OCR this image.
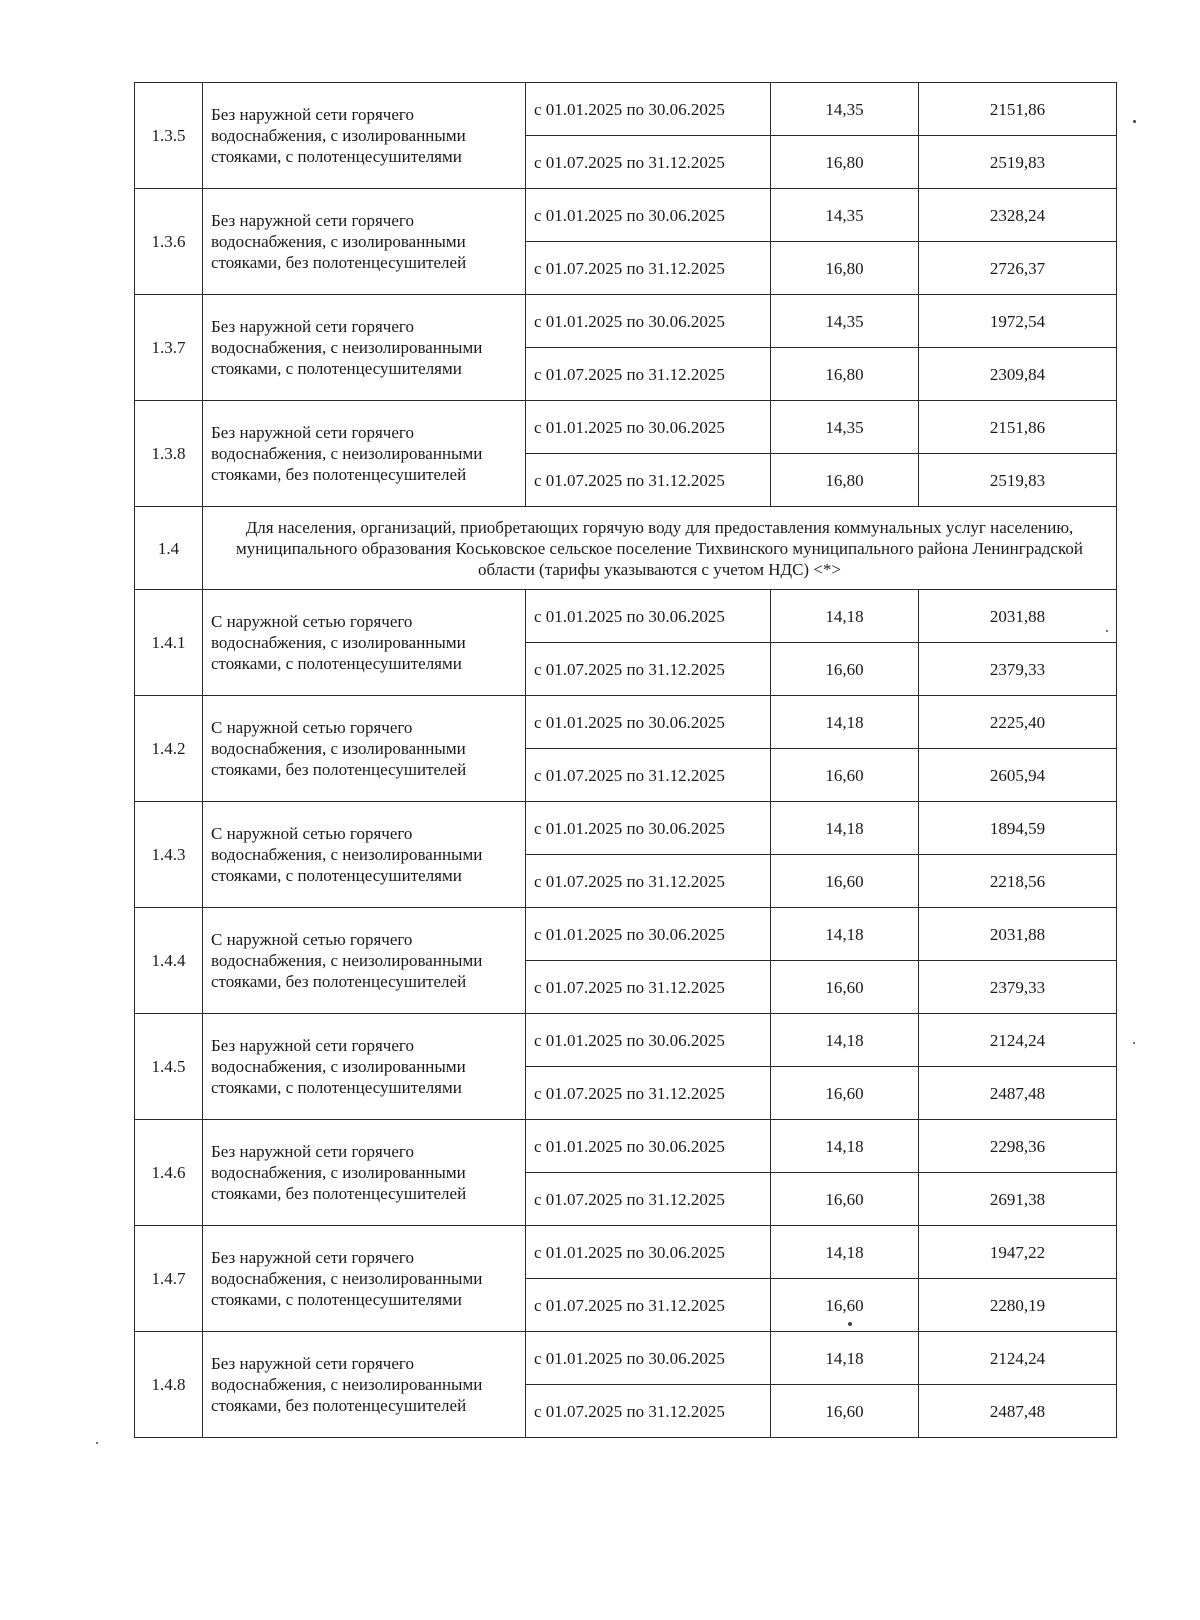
1.3.5	Без наружной сети горячего водоснабжения, с изолированными стояками, с полотенцесушителями	с 01.01.2025 по 30.06.2025	14,35	2151,86
		с 01.07.2025 по 31.12.2025	16,80	2519,83
1.3.6	Без наружной сети горячего водоснабжения, с изолированными стояками, без полотенцесушителей	с 01.01.2025 по 30.06.2025	14,35	2328,24
		с 01.07.2025 по 31.12.2025	16,80	2726,37
1.3.7	Без наружной сети горячего водоснабжения, с неизолированными стояками, с полотенцесушителями	с 01.01.2025 по 30.06.2025	14,35	1972,54
		с 01.07.2025 по 31.12.2025	16,80	2309,84
1.3.8	Без наружной сети горячего водоснабжения, с неизолированными стояками, без полотенцесушителей	с 01.01.2025 по 30.06.2025	14,35	2151,86
		с 01.07.2025 по 31.12.2025	16,80	2519,83
1.4	Для населения, организаций, приобретающих горячую воду для предоставления коммунальных услуг населению, муниципального образования Коськовское сельское поселение Тихвинского муниципального района Ленинградской области (тарифы указываются с учетом НДС) <*>			
1.4.1	С наружной сетью горячего водоснабжения, с изолированными стояками, с полотенцесушителями	с 01.01.2025 по 30.06.2025	14,18	2031,88
		с 01.07.2025 по 31.12.2025	16,60	2379,33
1.4.2	С наружной сетью горячего водоснабжения, с изолированными стояками, без полотенцесушителей	с 01.01.2025 по 30.06.2025	14,18	2225,40
		с 01.07.2025 по 31.12.2025	16,60	2605,94
1.4.3	С наружной сетью горячего водоснабжения, с неизолированными стояками, с полотенцесушителями	с 01.01.2025 по 30.06.2025	14,18	1894,59
		с 01.07.2025 по 31.12.2025	16,60	2218,56
1.4.4	С наружной сетью горячего водоснабжения, с неизолированными стояками, без полотенцесушителей	с 01.01.2025 по 30.06.2025	14,18	2031,88
		с 01.07.2025 по 31.12.2025	16,60	2379,33
1.4.5	Без наружной сети горячего водоснабжения, с изолированными стояками, с полотенцесушителями	с 01.01.2025 по 30.06.2025	14,18	2124,24
		с 01.07.2025 по 31.12.2025	16,60	2487,48
1.4.6	Без наружной сети горячего водоснабжения, с изолированными стояками, без полотенцесушителей	с 01.01.2025 по 30.06.2025	14,18	2298,36
		с 01.07.2025 по 31.12.2025	16,60	2691,38
1.4.7	Без наружной сети горячего водоснабжения, с неизолированными стояками, с полотенцесушителями	с 01.01.2025 по 30.06.2025	14,18	1947,22
		с 01.07.2025 по 31.12.2025	16,60	2280,19
1.4.8	Без наружной сети горячего водоснабжения, с неизолированными стояками, без полотенцесушителей	с 01.01.2025 по 30.06.2025	14,18	2124,24
		с 01.07.2025 по 31.12.2025	16,60	2487,48
